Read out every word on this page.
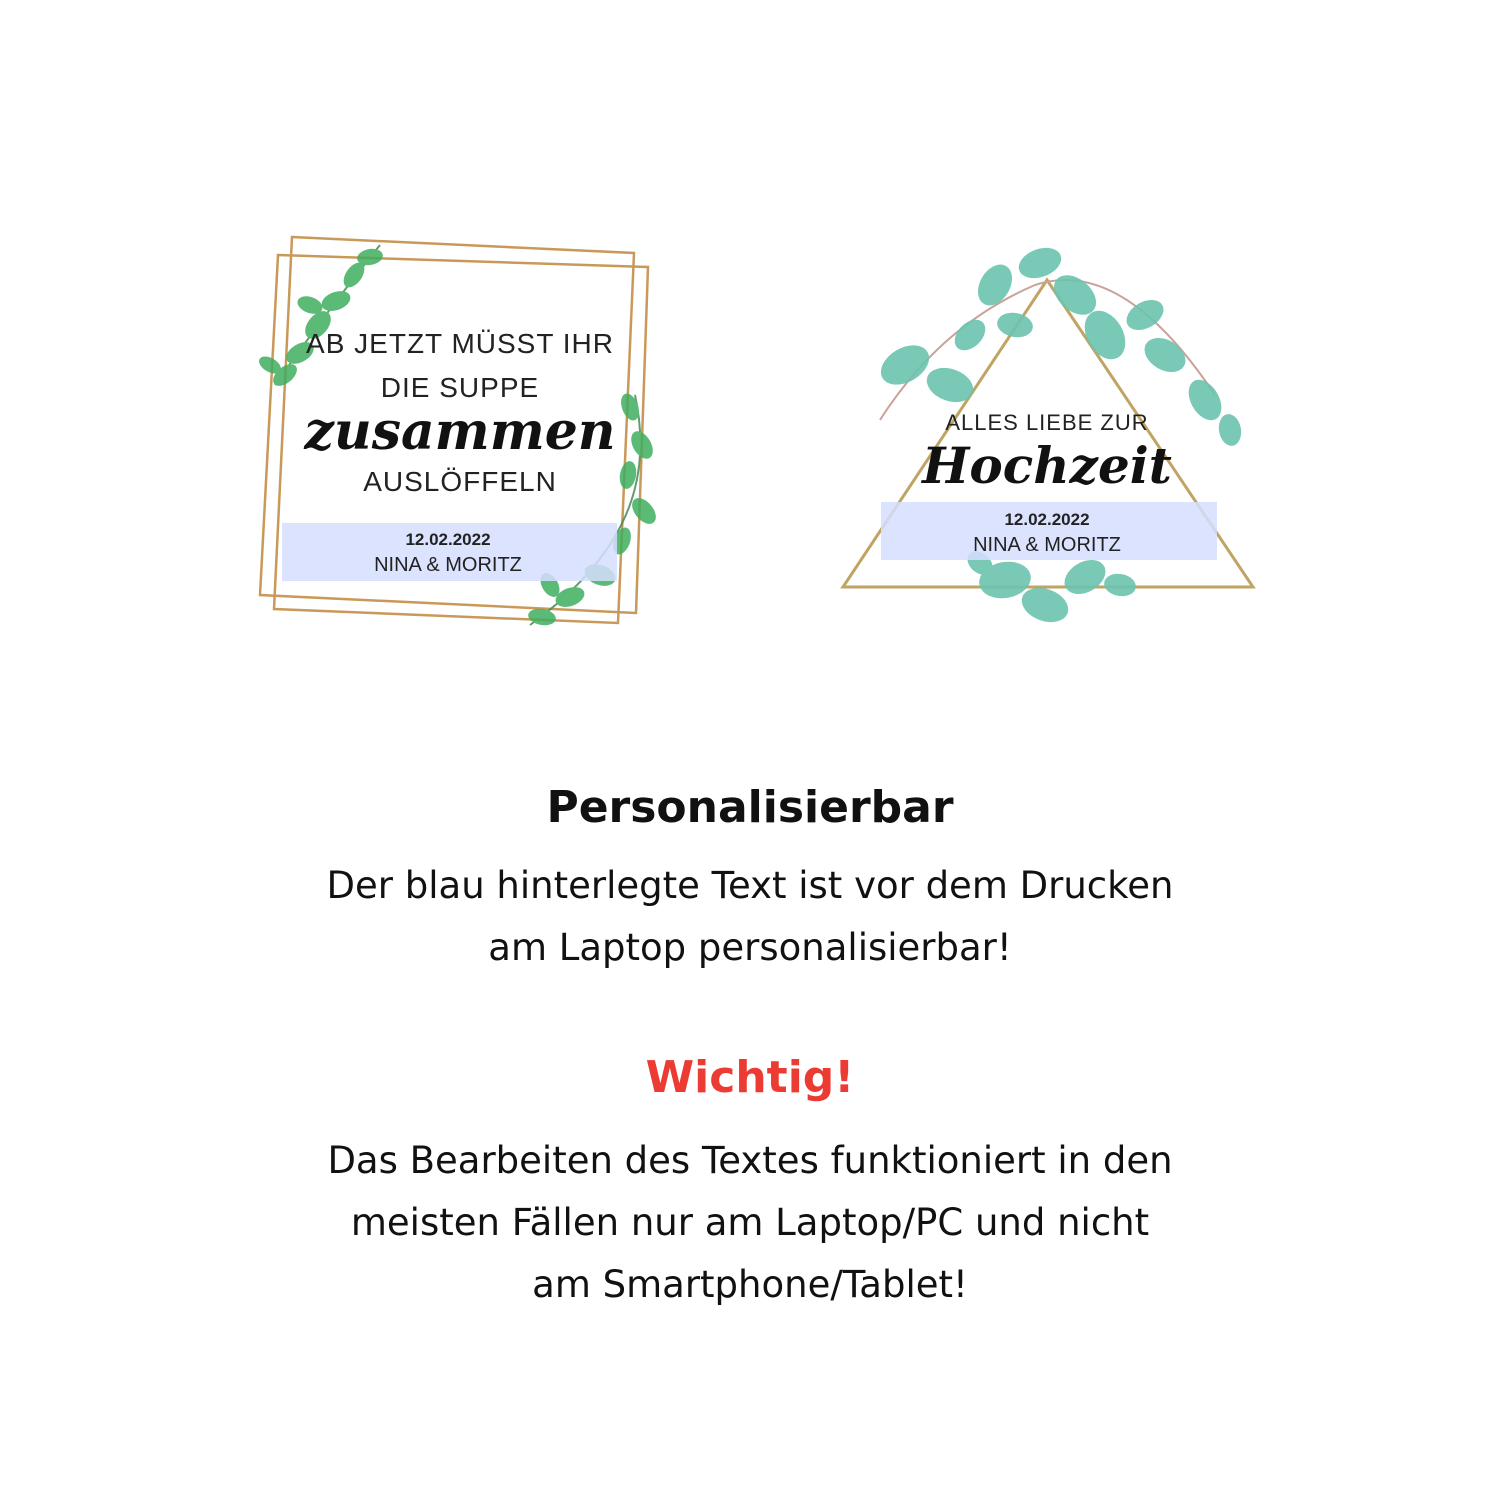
AB JETZT MÜSST IHR
DIE SUPPE
zusammen
AUSLÖFFELN
12.02.2022
NINA & MORITZ
ALLES LIEBE ZUR
Hochzeit
12.02.2022
NINA & MORITZ
Personalisierbar
Der blau hinterlegte Text ist vor dem Drucken
am Laptop personalisierbar!
Wichtig!
Das Bearbeiten des Textes funktioniert in den
meisten Fällen nur am Laptop/PC und nicht
am Smartphone/Tablet!
